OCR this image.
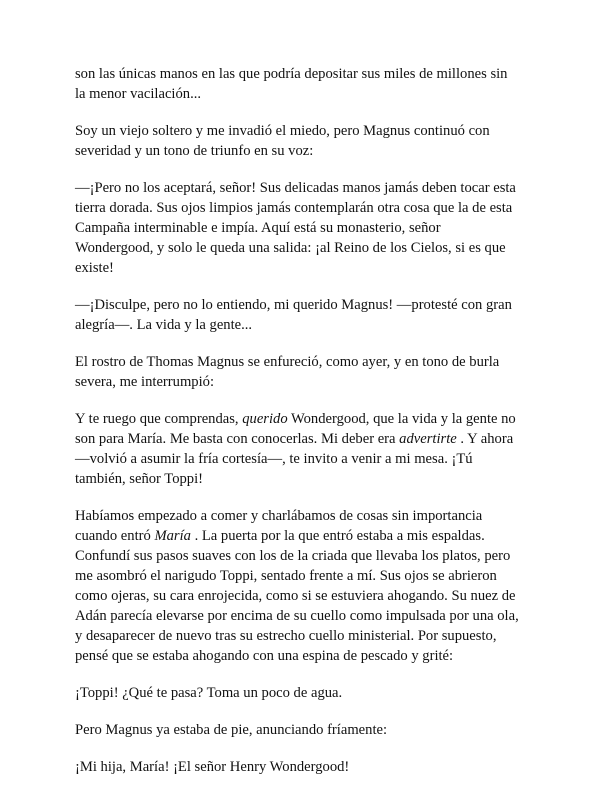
son las únicas manos en las que podría depositar sus miles de millones sin
la menor vacilación...

Soy un viejo soltero y me invadió el miedo, pero Magnus continuó con
severidad y un tono de triunfo en su voz:

—¡Pero no los aceptará, señor! Sus delicadas manos jamás deben tocar esta
tierra dorada. Sus ojos limpios jamás contemplarán otra cosa que la de esta
Campaña interminable e impía. Aquí está su monasterio, señor
Wondergood, y solo le queda una salida: ¡al Reino de los Cielos, si es que
existe!

—¡Disculpe, pero no lo entiendo, mi querido Magnus! —protesté con gran
alegría—. La vida y la gente...

El rostro de Thomas Magnus se enfureció, como ayer, y en tono de burla
severa, me interrumpió:

Y te ruego que comprendas, querido Wondergood, que la vida y la gente no
son para María. Me basta con conocerlas. Mi deber era advertirte . Y ahora
—volvió a asumir la fría cortesía—, te invito a venir a mi mesa. ¡Tú
también, señor Toppi!

Habíamos empezado a comer y charlábamos de cosas sin importancia
cuando entró María . La puerta por la que entró estaba a mis espaldas.
Confundí sus pasos suaves con los de la criada que llevaba los platos, pero
me asombró el narigudo Toppi, sentado frente a mí. Sus ojos se abrieron
como ojeras, su cara enrojecida, como si se estuviera ahogando. Su nuez de
Adán parecía elevarse por encima de su cuello como impulsada por una ola,
y desaparecer de nuevo tras su estrecho cuello ministerial. Por supuesto,
pensé que se estaba ahogando con una espina de pescado y grité:

¡Toppi! ¿Qué te pasa? Toma un poco de agua.

Pero Magnus ya estaba de pie, anunciando fríamente:

¡Mi hija, María! ¡El señor Henry Wondergood!
